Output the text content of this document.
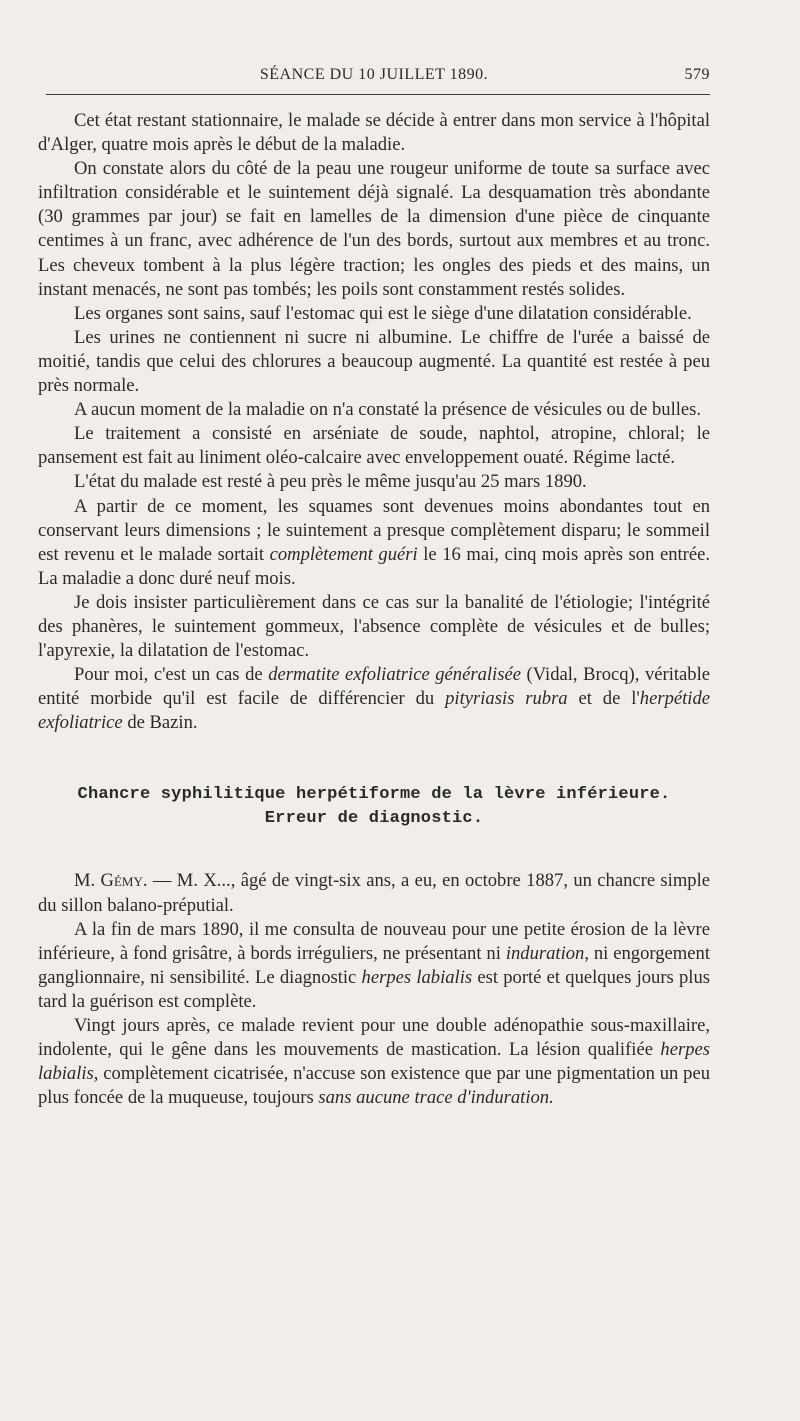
SÉANCE DU 10 JUILLET 1890.	579

Cet état restant stationnaire, le malade se décide à entrer dans mon service à l'hôpital d'Alger, quatre mois après le début de la maladie.

On constate alors du côté de la peau une rougeur uniforme de toute sa surface avec infiltration considérable et le suintement déjà signalé. La desquamation très abondante (30 grammes par jour) se fait en lamelles de la dimension d'une pièce de cinquante centimes à un franc, avec adhérence de l'un des bords, surtout aux membres et au tronc. Les cheveux tombent à la plus légère traction; les ongles des pieds et des mains, un instant menacés, ne sont pas tombés; les poils sont constamment restés solides.

Les organes sont sains, sauf l'estomac qui est le siège d'une dilatation considérable.

Les urines ne contiennent ni sucre ni albumine. Le chiffre de l'urée a baissé de moitié, tandis que celui des chlorures a beaucoup augmenté. La quantité est restée à peu près normale.

A aucun moment de la maladie on n'a constaté la présence de vésicules ou de bulles.

Le traitement a consisté en arséniate de soude, naphtol, atropine, chloral; le pansement est fait au liniment oléo-calcaire avec enveloppement ouaté. Régime lacté.

L'état du malade est resté à peu près le même jusqu'au 25 mars 1890.

A partir de ce moment, les squames sont devenues moins abondantes tout en conservant leurs dimensions ; le suintement a presque complètement disparu; le sommeil est revenu et le malade sortait complètement guéri le 16 mai, cinq mois après son entrée. La maladie a donc duré neuf mois.

Je dois insister particulièrement dans ce cas sur la banalité de l'étiologie; l'intégrité des phanères, le suintement gommeux, l'absence complète de vésicules et de bulles; l'apyrexie, la dilatation de l'estomac.

Pour moi, c'est un cas de dermatite exfoliatrice généralisée (Vidal, Brocq), véritable entité morbide qu'il est facile de différencier du pityriasis rubra et de l'herpétide exfoliatrice de Bazin.

Chancre syphilitique herpétiforme de la lèvre inférieure.
Erreur de diagnostic.

M. Gémy. — M. X..., âgé de vingt-six ans, a eu, en octobre 1887, un chancre simple du sillon balano-préputial.

A la fin de mars 1890, il me consulta de nouveau pour une petite érosion de la lèvre inférieure, à fond grisâtre, à bords irréguliers, ne présentant ni induration, ni engorgement ganglionnaire, ni sensibilité. Le diagnostic herpes labialis est porté et quelques jours plus tard la guérison est complète.

Vingt jours après, ce malade revient pour une double adénopathie sous-maxillaire, indolente, qui le gêne dans les mouvements de mastication. La lésion qualifiée herpes labialis, complètement cicatrisée, n'accuse son existence que par une pigmentation un peu plus foncée de la muqueuse, toujours sans aucune trace d'induration.
